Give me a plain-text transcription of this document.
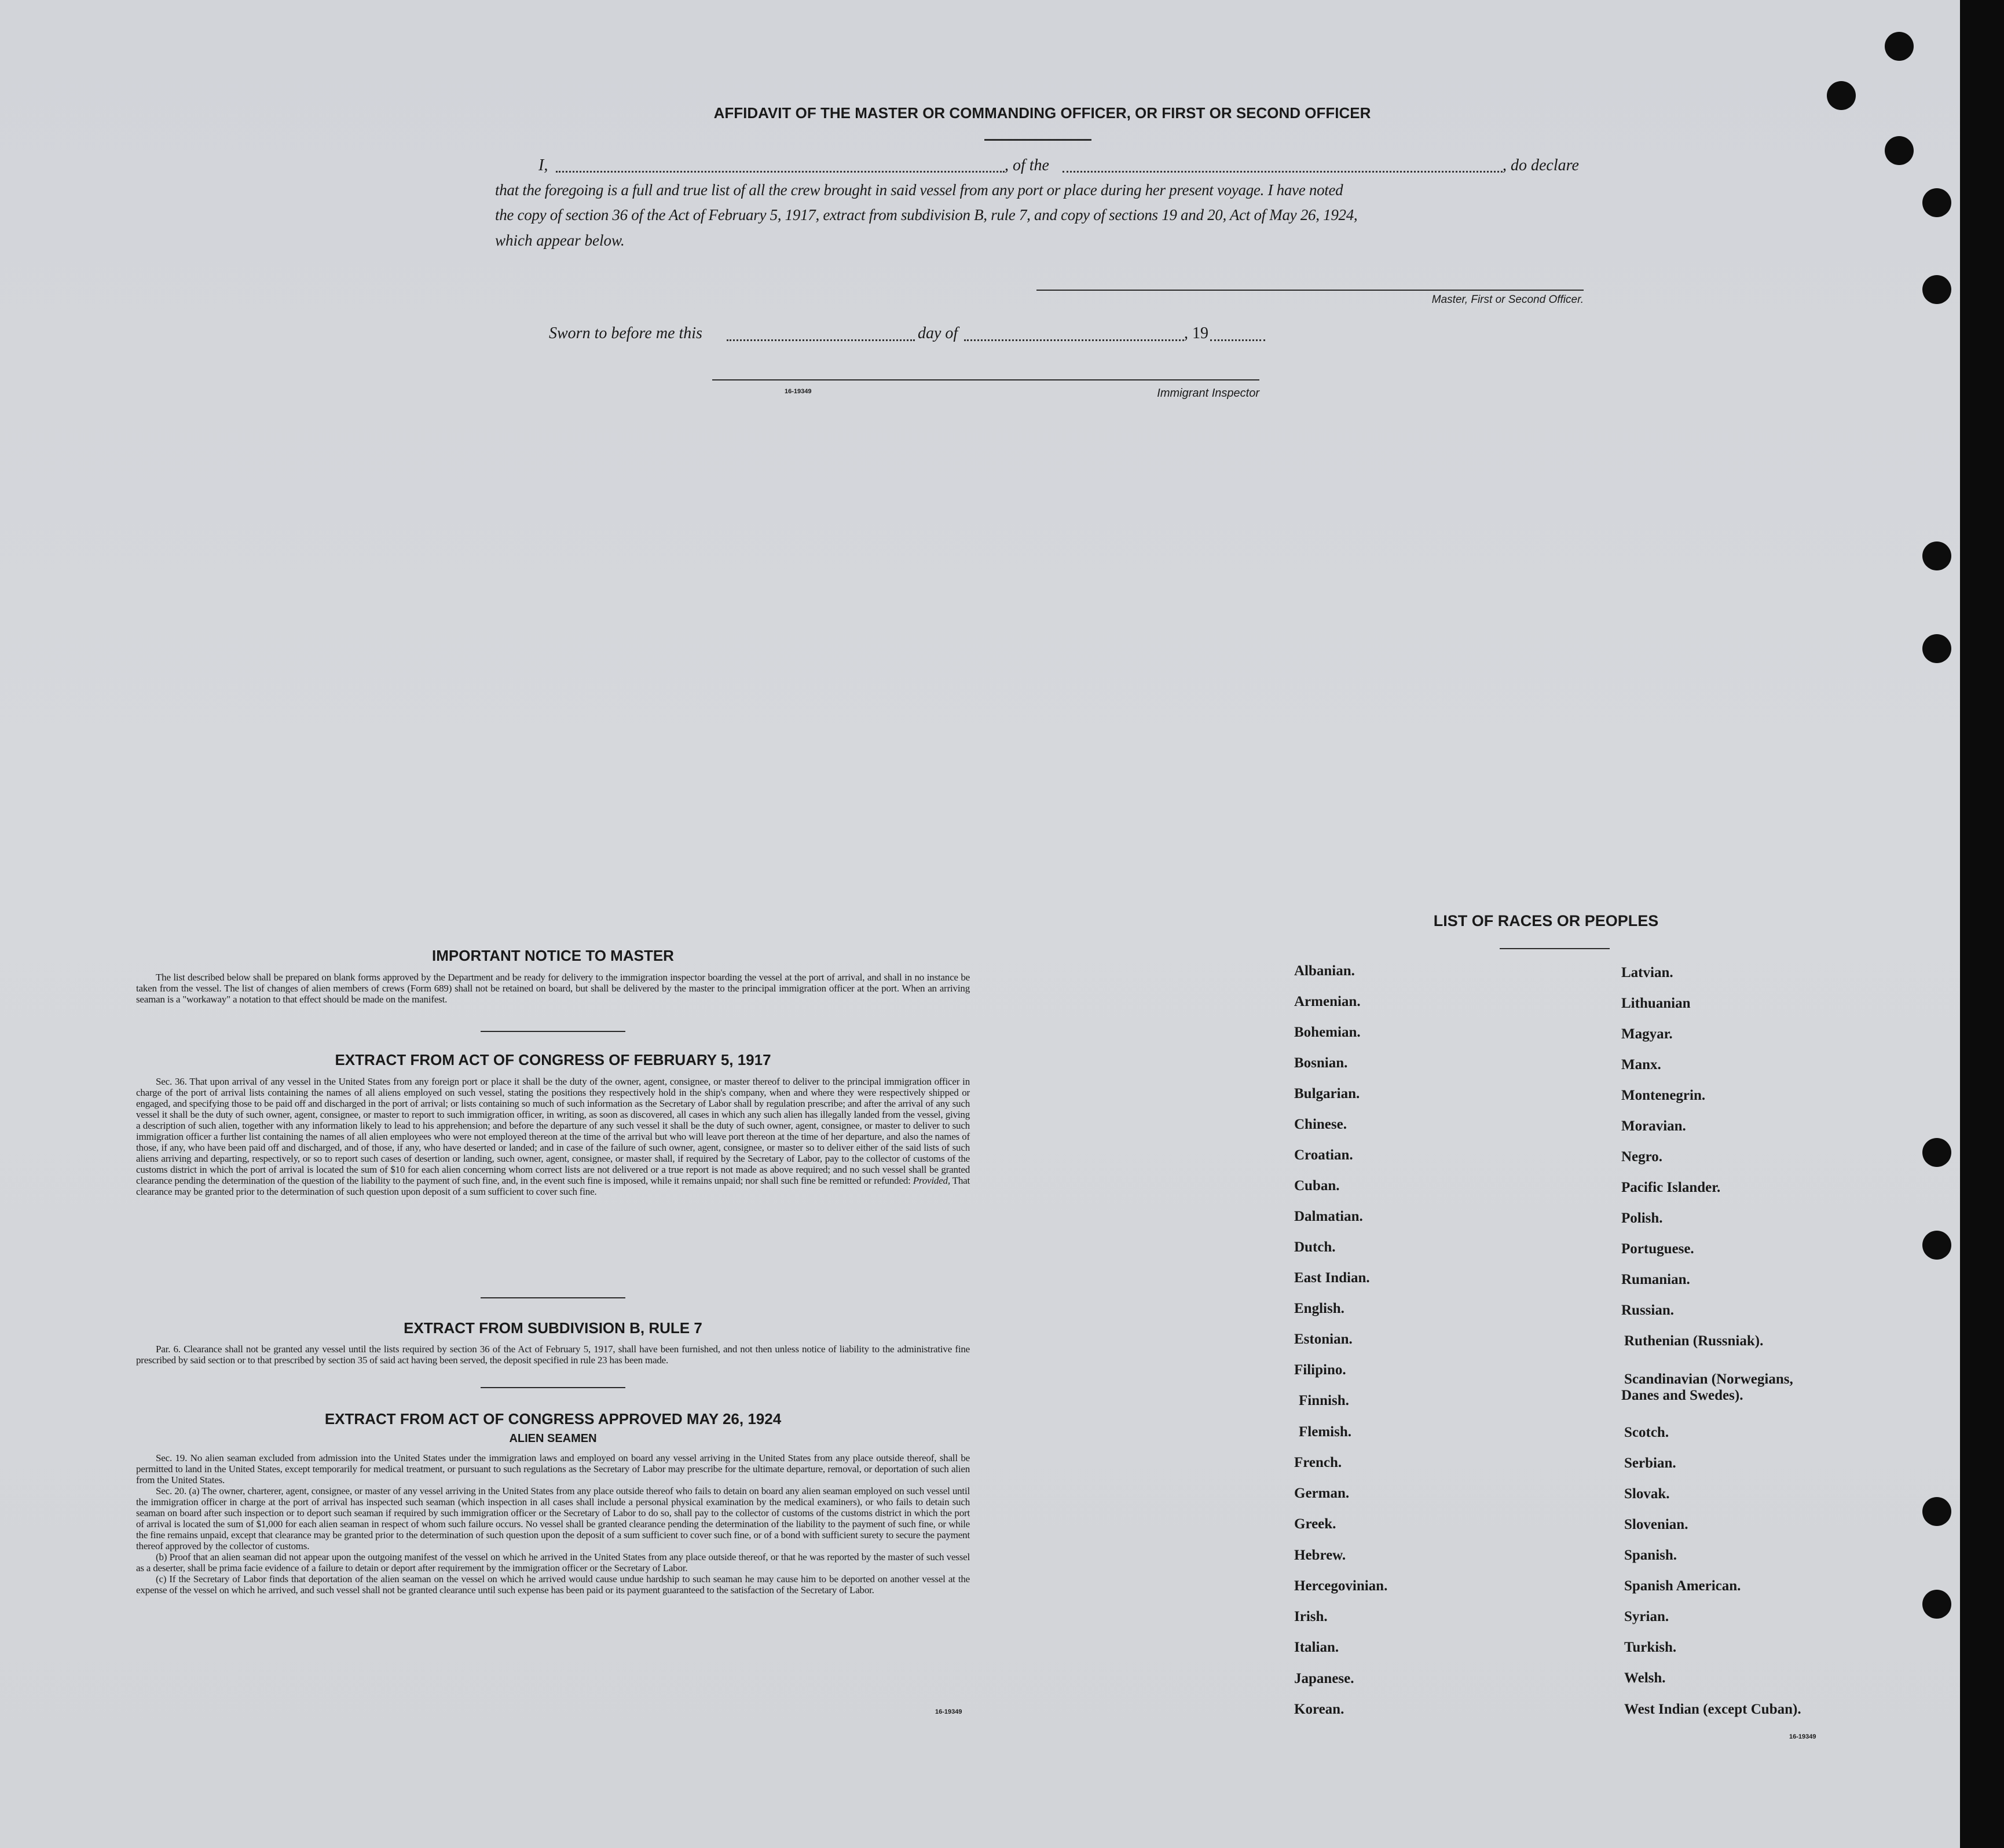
AFFIDAVIT OF THE MASTER OR COMMANDING OFFICER, OR FIRST OR SECOND OFFICER
I,	, of the	, do declare
that the foregoing is a full and true list of all the crew brought in said vessel from any port or place during her present voyage. I have noted
the copy of section 36 of the Act of February 5, 1917, extract from subdivision B, rule 7, and copy of sections 19 and 20, Act of May 26, 1924,
which appear below.
Master, First or Second Officer.
Sworn to before me this	day of	, 19
16-19349	Immigrant Inspector
IMPORTANT NOTICE TO MASTER

The list described below shall be prepared on blank forms approved by the Department and be ready for delivery to the immigration inspector boarding the vessel at the port of arrival, and shall in no instance be taken from the vessel. The list of changes of alien members of crews (Form 689) shall not be retained on board, but shall be delivered by the master to the principal immigration officer at the port. When an arriving seaman is a "workaway" a notation to that effect should be made on the manifest.

EXTRACT FROM ACT OF CONGRESS OF FEBRUARY 5, 1917

Sec. 36. That upon arrival of any vessel in the United States from any foreign port or place it shall be the duty of the owner, agent, consignee, or master thereof to deliver to the principal immigration officer in charge of the port of arrival lists containing the names of all aliens employed on such vessel, stating the positions they respectively hold in the ship's company, when and where they were respectively shipped or engaged, and specifying those to be paid off and discharged in the port of arrival; or lists containing so much of such information as the Secretary of Labor shall by regulation prescribe; and after the arrival of any such vessel it shall be the duty of such owner, agent, consignee, or master to report to such immigration officer, in writing, as soon as discovered, all cases in which any such alien has illegally landed from the vessel, giving a description of such alien, together with any information likely to lead to his apprehension; and before the departure of any such vessel it shall be the duty of such owner, agent, consignee, or master to deliver to such immigration officer a further list containing the names of all alien employees who were not employed thereon at the time of the arrival but who will leave port thereon at the time of her departure, and also the names of those, if any, who have been paid off and discharged, and of those, if any, who have deserted or landed; and in case of the failure of such owner, agent, consignee, or master so to deliver either of the said lists of such aliens arriving and departing, respectively, or so to report such cases of desertion or landing, such owner, agent, consignee, or master shall, if required by the Secretary of Labor, pay to the collector of customs of the customs district in which the port of arrival is located the sum of $10 for each alien concerning whom correct lists are not delivered or a true report is not made as above required; and no such vessel shall be granted clearance pending the determination of the question of the liability to the payment of such fine, and, in the event such fine is imposed, while it remains unpaid; nor shall such fine be remitted or refunded: Provided, That clearance may be granted prior to the determination of such question upon deposit of a sum sufficient to cover such fine.

EXTRACT FROM SUBDIVISION B, RULE 7

Par. 6. Clearance shall not be granted any vessel until the lists required by section 36 of the Act of February 5, 1917, shall have been furnished, and not then unless notice of liability to the administrative fine prescribed by said section or to that prescribed by section 35 of said act having been served, the deposit specified in rule 23 has been made.

EXTRACT FROM ACT OF CONGRESS APPROVED MAY 26, 1924
ALIEN SEAMEN

Sec. 19. No alien seaman excluded from admission into the United States under the immigration laws and employed on board any vessel arriving in the United States from any place outside thereof, shall be permitted to land in the United States, except temporarily for medical treatment, or pursuant to such regulations as the Secretary of Labor may prescribe for the ultimate departure, removal, or deportation of such alien from the United States.

Sec. 20. (a) The owner, charterer, agent, consignee, or master of any vessel arriving in the United States from any place outside thereof who fails to detain on board any alien seaman employed on such vessel until the immigration officer in charge at the port of arrival has inspected such seaman (which inspection in all cases shall include a personal physical examination by the medical examiners), or who fails to detain such seaman on board after such inspection or to deport such seaman if required by such immigration officer or the Secretary of Labor to do so, shall pay to the collector of customs of the customs district in which the port of arrival is located the sum of $1,000 for each alien seaman in respect of whom such failure occurs. No vessel shall be granted clearance pending the determination of the liability to the payment of such fine, or while the fine remains unpaid, except that clearance may be granted prior to the determination of such question upon the deposit of a sum sufficient to cover such fine, or of a bond with sufficient surety to secure the payment thereof approved by the collector of customs.

(b) Proof that an alien seaman did not appear upon the outgoing manifest of the vessel on which he arrived in the United States from any place outside thereof, or that he was reported by the master of such vessel as a deserter, shall be prima facie evidence of a failure to detain or deport after requirement by the immigration officer or the Secretary of Labor.

(c) If the Secretary of Labor finds that deportation of the alien seaman on the vessel on which he arrived would cause undue hardship to such seaman he may cause him to be deported on another vessel at the expense of the vessel on which he arrived, and such vessel shall not be granted clearance until such expense has been paid or its payment guaranteed to the satisfaction of the Secretary of Labor.

16-19349
LIST OF RACES OR PEOPLES
Albanian.
Armenian.
Bohemian.
Bosnian.
Bulgarian.
Chinese.
Croatian.
Cuban.
Dalmatian.
Dutch.
East Indian.
English.
Estonian.
Filipino.
Finnish.
Flemish.
French.
German.
Greek.
Hebrew.
Hercegovinian.
Irish.
Italian.
Japanese.
Korean.
Latvian.
Lithuanian
Magyar.
Manx.
Montenegrin.
Moravian.
Negro.
Pacific Islander.
Polish.
Portuguese.
Rumanian.
Russian.
Ruthenian (Russniak).
Scandinavian (Norwegians,
Scotch.
Serbian.
Slovak.
Slovenian.
Spanish.
Spanish American.
Syrian.
Turkish.
Welsh.
West Indian (except Cuban).
Danes and Swedes).
16-19349
